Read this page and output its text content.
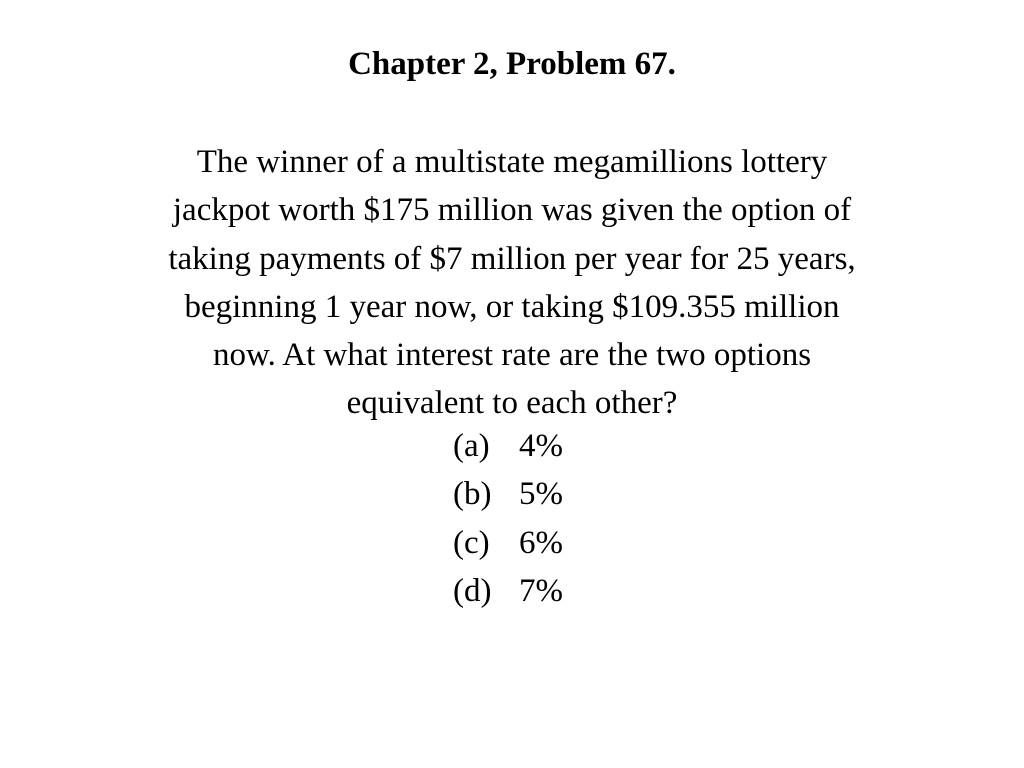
Chapter 2, Problem 67.
The winner of a multistate megamillions lottery
jackpot worth $175 million was given the option of
taking payments of $7 million per year for 25 years,
beginning 1 year now, or taking $109.355 million
now. At what interest rate are the two options
equivalent to each other?
(a) 4%
(b) 5%
(c) 6%
(d) 7%
